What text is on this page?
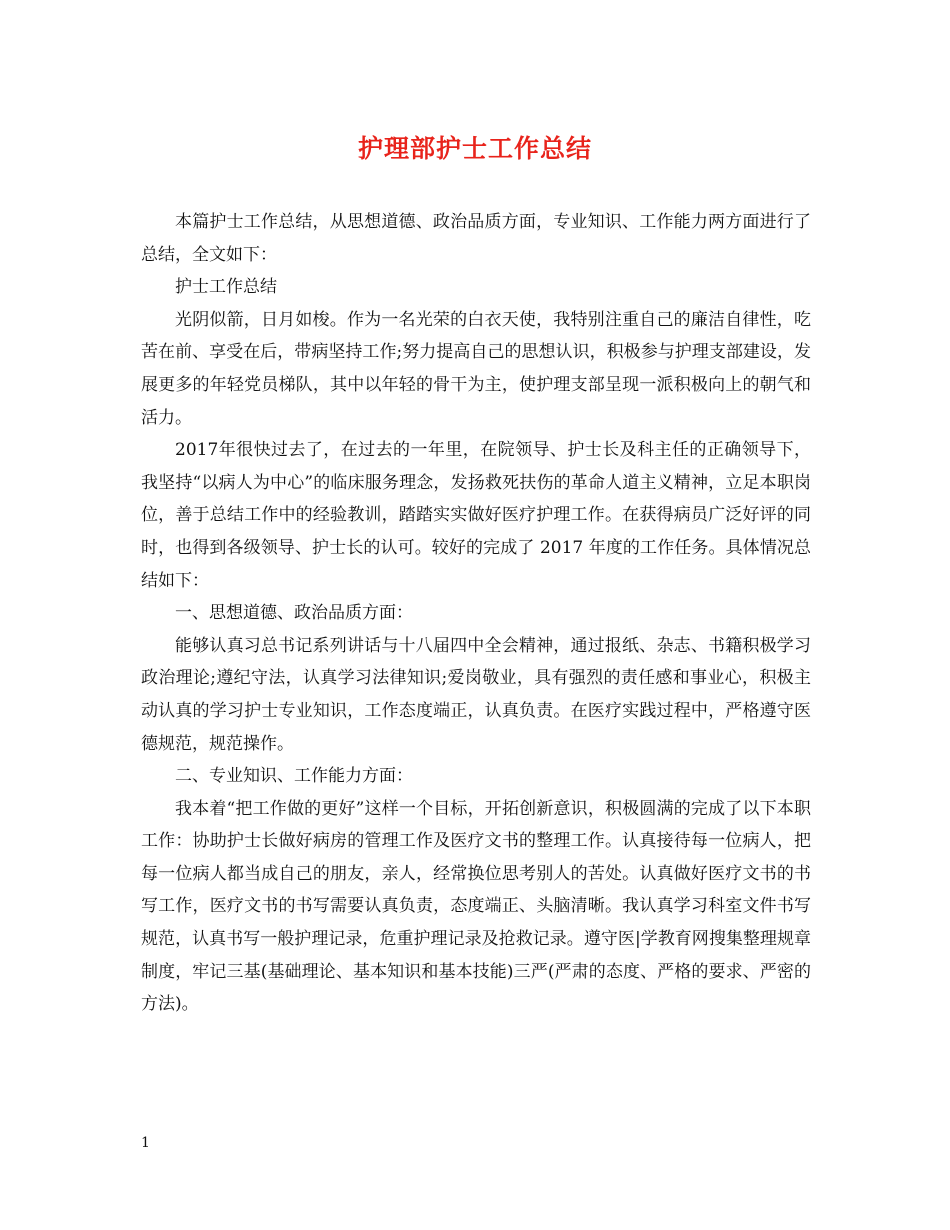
护理部护士工作总结

本篇护士工作总结，从思想道德、政治品质方面，专业知识、工作能力两方面进行了总结，全文如下：

护士工作总结

光阴似箭，日月如梭。作为一名光荣的白衣天使，我特别注重自己的廉洁自律性，吃苦在前、享受在后，带病坚持工作;努力提高自己的思想认识，积极参与护理支部建设，发展更多的年轻党员梯队，其中以年轻的骨干为主，使护理支部呈现一派积极向上的朝气和活力。

2017年很快过去了，在过去的一年里，在院领导、护士长及科主任的正确领导下，我坚持“以病人为中心”的临床服务理念，发扬救死扶伤的革命人道主义精神，立足本职岗位，善于总结工作中的经验教训，踏踏实实做好医疗护理工作。在获得病员广泛好评的同时，也得到各级领导、护士长的认可。较好的完成了 2017 年度的工作任务。具体情况总结如下：

一、思想道德、政治品质方面：

能够认真习总书记系列讲话与十八届四中全会精神，通过报纸、杂志、书籍积极学习政治理论;遵纪守法，认真学习法律知识;爱岗敬业，具有强烈的责任感和事业心，积极主动认真的学习护士专业知识，工作态度端正，认真负责。在医疗实践过程中，严格遵守医德规范，规范操作。

二、专业知识、工作能力方面：

我本着“把工作做的更好”这样一个目标，开拓创新意识，积极圆满的完成了以下本职工作：协助护士长做好病房的管理工作及医疗文书的整理工作。认真接待每一位病人，把每一位病人都当成自己的朋友，亲人，经常换位思考别人的苦处。认真做好医疗文书的书写工作，医疗文书的书写需要认真负责，态度端正、头脑清晰。我认真学习科室文件书写规范，认真书写一般护理记录，危重护理记录及抢救记录。遵守医|学教育网搜集整理规章制度，牢记三基(基础理论、基本知识和基本技能)三严(严肃的态度、严格的要求、严密的方法)。

1
